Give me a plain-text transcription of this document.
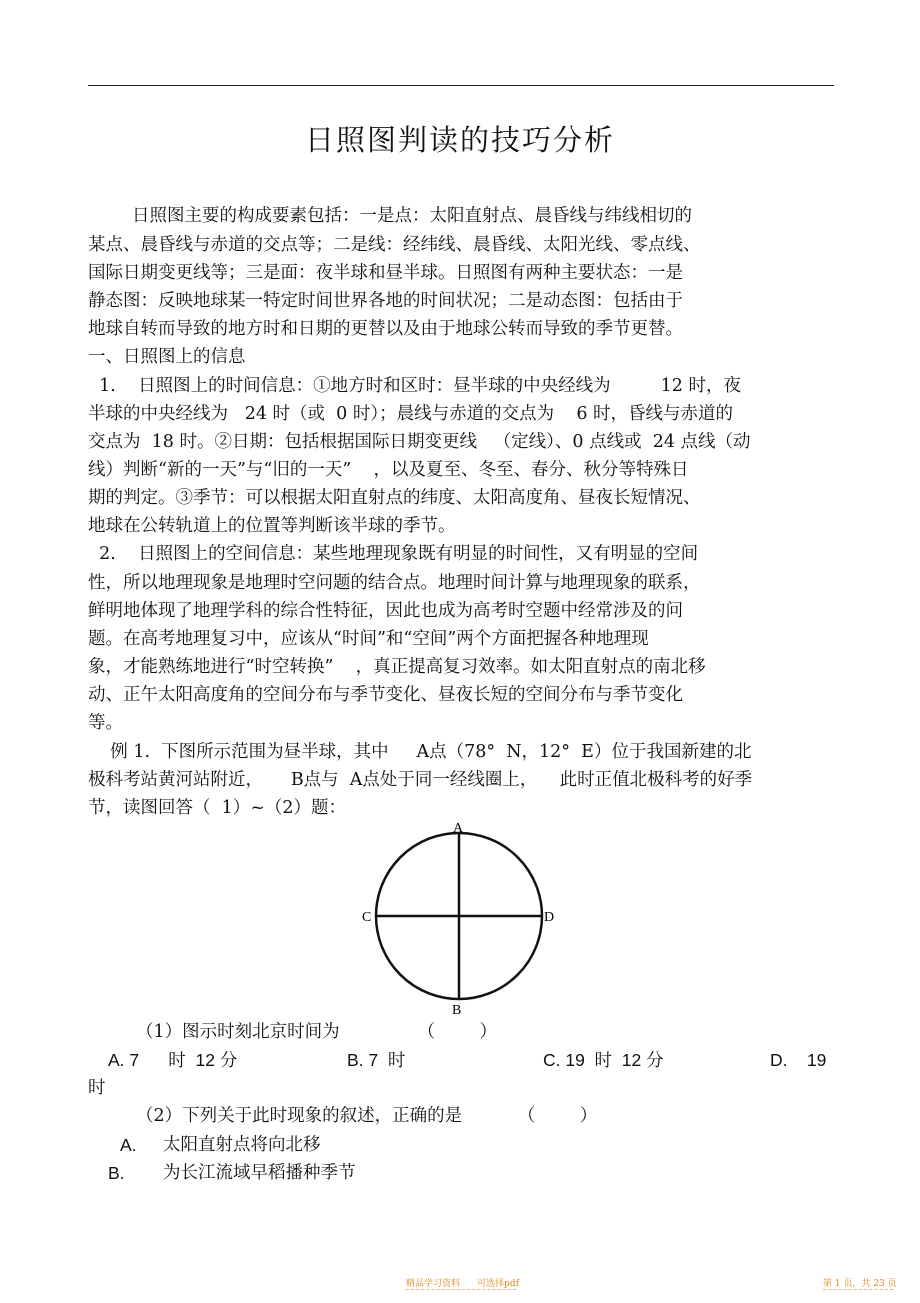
日照图判读的技巧分析
日照图主要的构成要素包括：一是点：太阳直射点、晨昏线与纬线相切的
某点、晨昏线与赤道的交点等；二是线：经纬线、晨昏线、太阳光线、零点线、
国际日期变更线等；三是面：夜半球和昼半球。日照图有两种主要状态：一是
静态图：反映地球某一特定时间世界各地的时间状况；二是动态图：包括由于
地球自转而导致的地方时和日期的更替以及由于地球公转而导致的季节更替。
一、日照图上的信息
1.    日照图上的时间信息：①地方时和区时：昼半球的中央经线为         12 时，夜
半球的中央经线为   24 时（或  0 时）；晨线与赤道的交点为    6 时，昏线与赤道的
交点为  18 时。②日期：包括根据国际日期变更线   （定线）、0 点线或  24 点线（动
线）判断“新的一天”与“旧的一天”    ，以及夏至、冬至、春分、秋分等特殊日
期的判定。③季节：可以根据太阳直射点的纬度、太阳高度角、昼夜长短情况、
地球在公转轨道上的位置等判断该半球的季节。
2.    日照图上的空间信息：某些地理现象既有明显的时间性，又有明显的空间
性，所以地理现象是地理时空问题的结合点。地理时间计算与地理现象的联系，
鲜明地体现了地理学科的综合性特征，因此也成为高考时空题中经常涉及的问
题。在高考地理复习中，应该从“时间”和“空间”两个方面把握各种地理现
象，才能熟练地进行“时空转换”    ，真正提高复习效率。如太阳直射点的南北移
动、正午太阳高度角的空间分布与季节变化、昼夜长短的空间分布与季节变化
等。
例 1.  下图所示范围为昼半球，其中     A点（78°  N，12°  E）位于我国新建的北
极科考站黄河站附近，     B点与  A点处于同一经线圈上，    此时正值北极科考的好季
节，读图回答（  1）~（2）题：
A
B
C	D
（1）图示时刻北京时间为              （        ）
A. 7      时  12 分	B. 7  时	C. 19  时  12 分	D.    19
时
（2）下列关于此时现象的叙述，正确的是          （        ）
A. 太阳直射点将向北移
B. 为长江流域早稻播种季节
精品学习资料      可选择pdf	第 1 页，共 23 页
